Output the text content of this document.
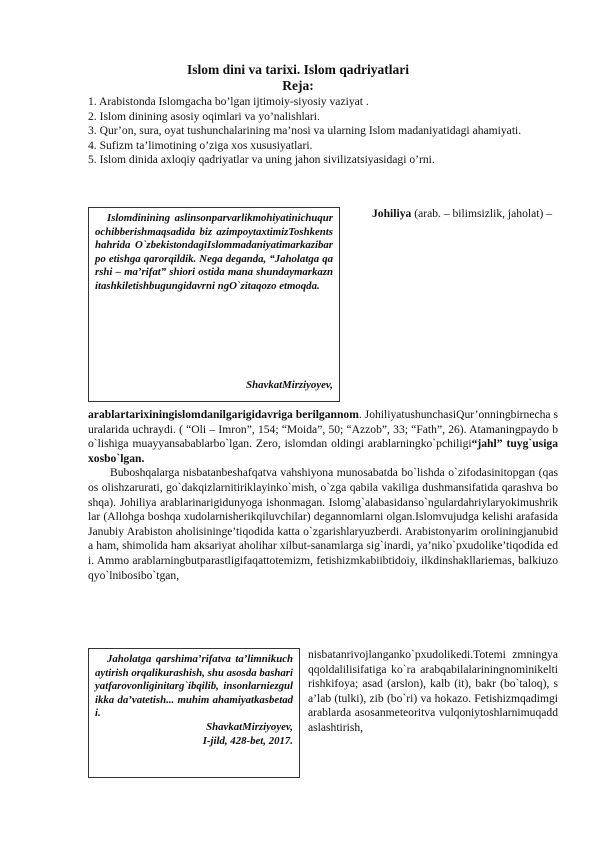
Islom dini va tarixi. Islom qadriyatlari
Reja:
1. Arabistonda Islomgacha bo’lgan ijtimoiy-siyosiy vaziyat .
2. Islom dinining asosiy oqimlari va yo’nalishlari.
3. Qur’on, sura, oyat tushunchalarining ma’nosi va ularning Islom madaniyatidagi ahamiyati.
4. Sufizm ta’limotining o’ziga xos xususiyatlari.
5. Islom dinida axloqiy qadriyatlar va uning jahon sivilizatsiyasidagi o’rni.

Islomdinining aslinsonparvarlikmohiyatinichuqur ochibberishmaqsadida biz azimpoytaxtimizToshkentshahrida O`zbekistondagiIslommadaniyatimarkazibar po etishga qarorqildik. Nega deganda, “Jaholatga qarshi – ma’rifat” shiori ostida mana shundaymarkaznitashkiletishbugungidavrni ngO`zitaqozo etmoqda.

ShavkatMirziyoyev,

Johiliya (arab. – bilimsizlik, jaholat) –

arablartarixiningislomdanilgarigidavriga berilgannom. JohiliyatushunchasiQur’onningbirnecha suralarida uchraydi. ( “Oli – Imron”, 154; “Moida”, 50; “Azzob”, 33; “Fath”, 26). Atamaningpaydo bo`lishiga muayyansabablarbo`lgan. Zero, islomdan oldingi arablarningko`pchiligi“jahl” tuyg`usiga xosbo`lgan.

Buboshqalarga nisbatanbeshafqatva vahshiyona munosabatda bo`lishda o`zifodasinitopgan (qasos olishzarurati, go`dakqizlarnitiriklayinko`mish, o`zga qabila vakiliga dushmansifatida qarashva boshqa). Johiliya arablarinarigidunyoga ishonmagan. Islomg`alabasidanso`ngulardahriylaryokimushriklar (Allohga boshqa xudolarnisherikqiluvchilar) degannomlarni olgan.Islomvujudga kelishi arafasida Janubiy Arabiston aholisininge’tiqodida katta o`zgarishlaryuzberdi. Arabistonyarim oroliningjanubida ham, shimolida ham aksariyat aholihar xilbut-sanamlarga sig`inardi, ya’niko`pxudolike’tiqodida edi. Ammo arablarningbutparastligifaqattotemizm, fetishizmkabiibtidoiy, ilkdinshakllariemas, balkiuzoqyo`lnibosibo`tgan,

Jaholatga qarshima’rifatva ta’limnikuchaytirish orqalikurashish, shu asosda bashariyatfarovonliginitarg`ibqilib, insonlarniezgulikka da’vatetish... muhim ahamiyatkasbetadi.

ShavkatMirziyoyev,

I-jild, 428-bet, 2017.

nisbatanrivojlanganko`pxudolikedi.Totemi zmningyaqqoldalilisifatiga ko`ra arabqabilalariningnominikeltirishkifoya; asad (arslon), kalb (it), bakr (bo`taloq), sa’lab (tulki), zib (bo`ri) va hokazo. Fetishizmqadimgi arablarda asosanmeteoritva vulqoniytoshlarnimuqaddaslashtirish,
